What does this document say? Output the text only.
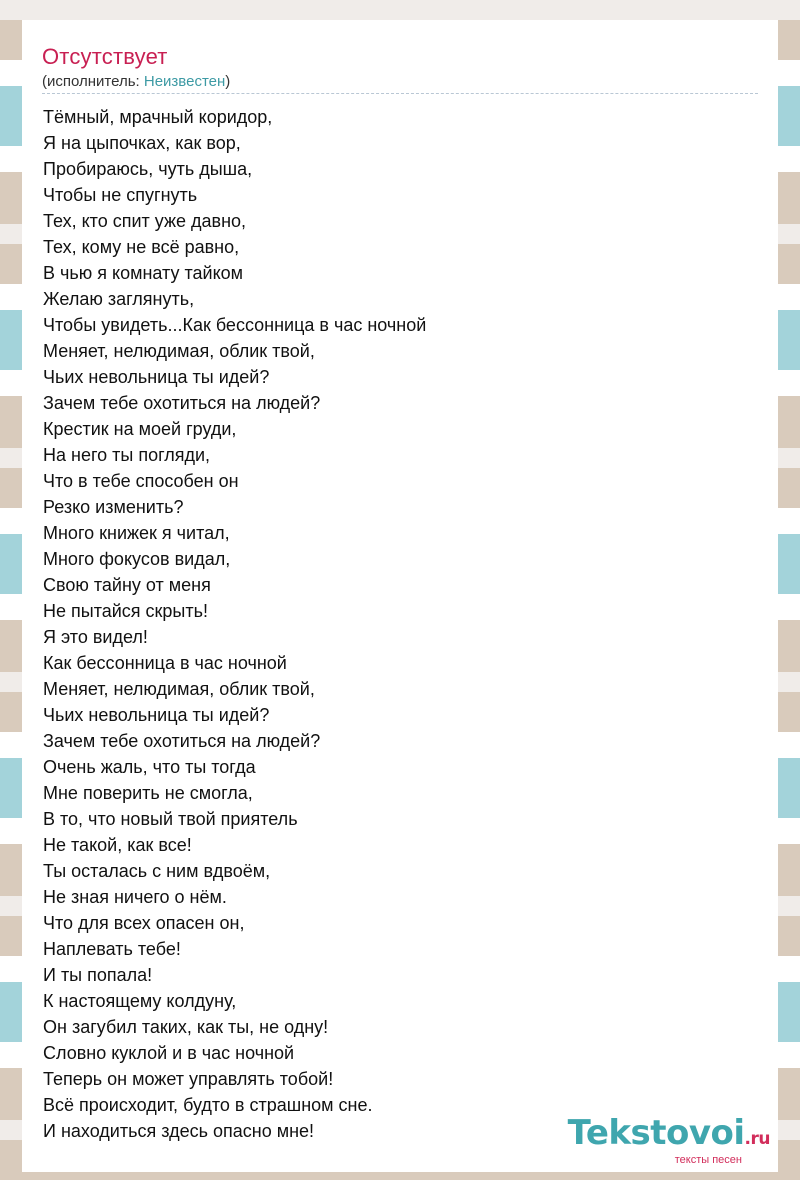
Отсутствует
(исполнитель: Неизвестен)
Тёмный, мрачный коридор,
Я на цыпочках, как вор,
Пробираюсь, чуть дыша,
Чтобы не спугнуть
Тех, кто спит уже давно,
Тех, кому не всё равно,
В чью я комнату тайком
Желаю заглянуть,
Чтобы увидеть...Как бессонница в час ночной
Меняет, нелюдимая, облик твой,
Чьих невольница ты идей?
Зачем тебе охотиться на людей?
Крестик на моей груди,
На него ты погляди,
Что в тебе способен он
Резко изменить?
Много книжек я читал,
Много фокусов видал,
Свою тайну от меня
Не пытайся скрыть!
Я это видел!
Как бессонница в час ночной
Меняет, нелюдимая, облик твой,
Чьих невольница ты идей?
Зачем тебе охотиться на людей?
Очень жаль, что ты тогда
Мне поверить не смогла,
В то, что новый твой приятель
Не такой, как все!
Ты осталась с ним вдвоём,
Не зная ничего о нём.
Что для всех опасен он,
Наплевать тебе!
И ты попала!
К настоящему колдуну,
Он загубил таких, как ты, не одну!
Словно куклой и в час ночной
Теперь он может управлять тобой!
Всё происходит, будто в страшном сне.
И находиться здесь опасно мне!	Tekstovoi.ru
тексты песен
